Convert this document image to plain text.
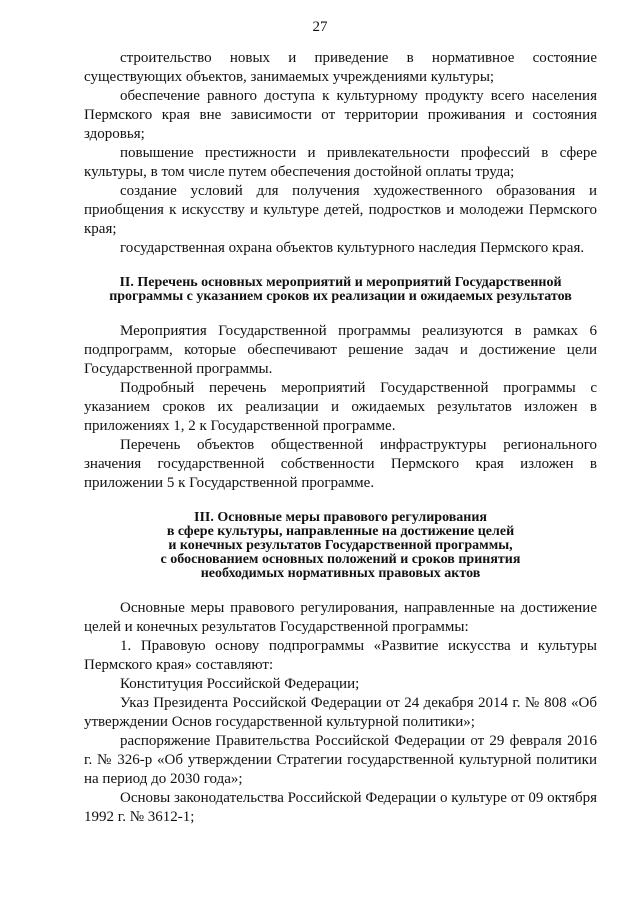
27

строительство новых и приведение в нормативное состояние существующих объектов, занимаемых учреждениями культуры;

обеспечение равного доступа к культурному продукту всего населения Пермского края вне зависимости от территории проживания и состояния здоровья;

повышение престижности и привлекательности профессий в сфере культуры, в том числе путем обеспечения достойной оплаты труда;

создание условий для получения художественного образования и приобщения к искусству и культуре детей, подростков и молодежи Пермского края;

государственная охрана объектов культурного наследия Пермского края.

II. Перечень основных мероприятий и мероприятий Государственной
программы с указанием сроков их реализации и ожидаемых результатов

Мероприятия Государственной программы реализуются в рамках 6 подпрограмм, которые обеспечивают решение задач и достижение цели Государственной программы.

Подробный перечень мероприятий Государственной программы с указанием сроков их реализации и ожидаемых результатов изложен в приложениях 1, 2 к Государственной программе.

Перечень объектов общественной инфраструктуры регионального значения государственной собственности Пермского края изложен в приложении 5 к Государственной программе.

III. Основные меры правового регулирования
в сфере культуры, направленные на достижение целей
и конечных результатов Государственной программы,
с обоснованием основных положений и сроков принятия
необходимых нормативных правовых актов

Основные меры правового регулирования, направленные на достижение целей и конечных результатов Государственной программы:

1. Правовую основу подпрограммы «Развитие искусства и культуры Пермского края» составляют:

Конституция Российской Федерации;

Указ Президента Российской Федерации от 24 декабря 2014 г. № 808 «Об утверждении Основ государственной культурной политики»;

распоряжение Правительства Российской Федерации от 29 февраля 2016 г. № 326-р «Об утверждении Стратегии государственной культурной политики на период до 2030 года»;

Основы законодательства Российской Федерации о культуре от 09 октября 1992 г. № 3612-1;
